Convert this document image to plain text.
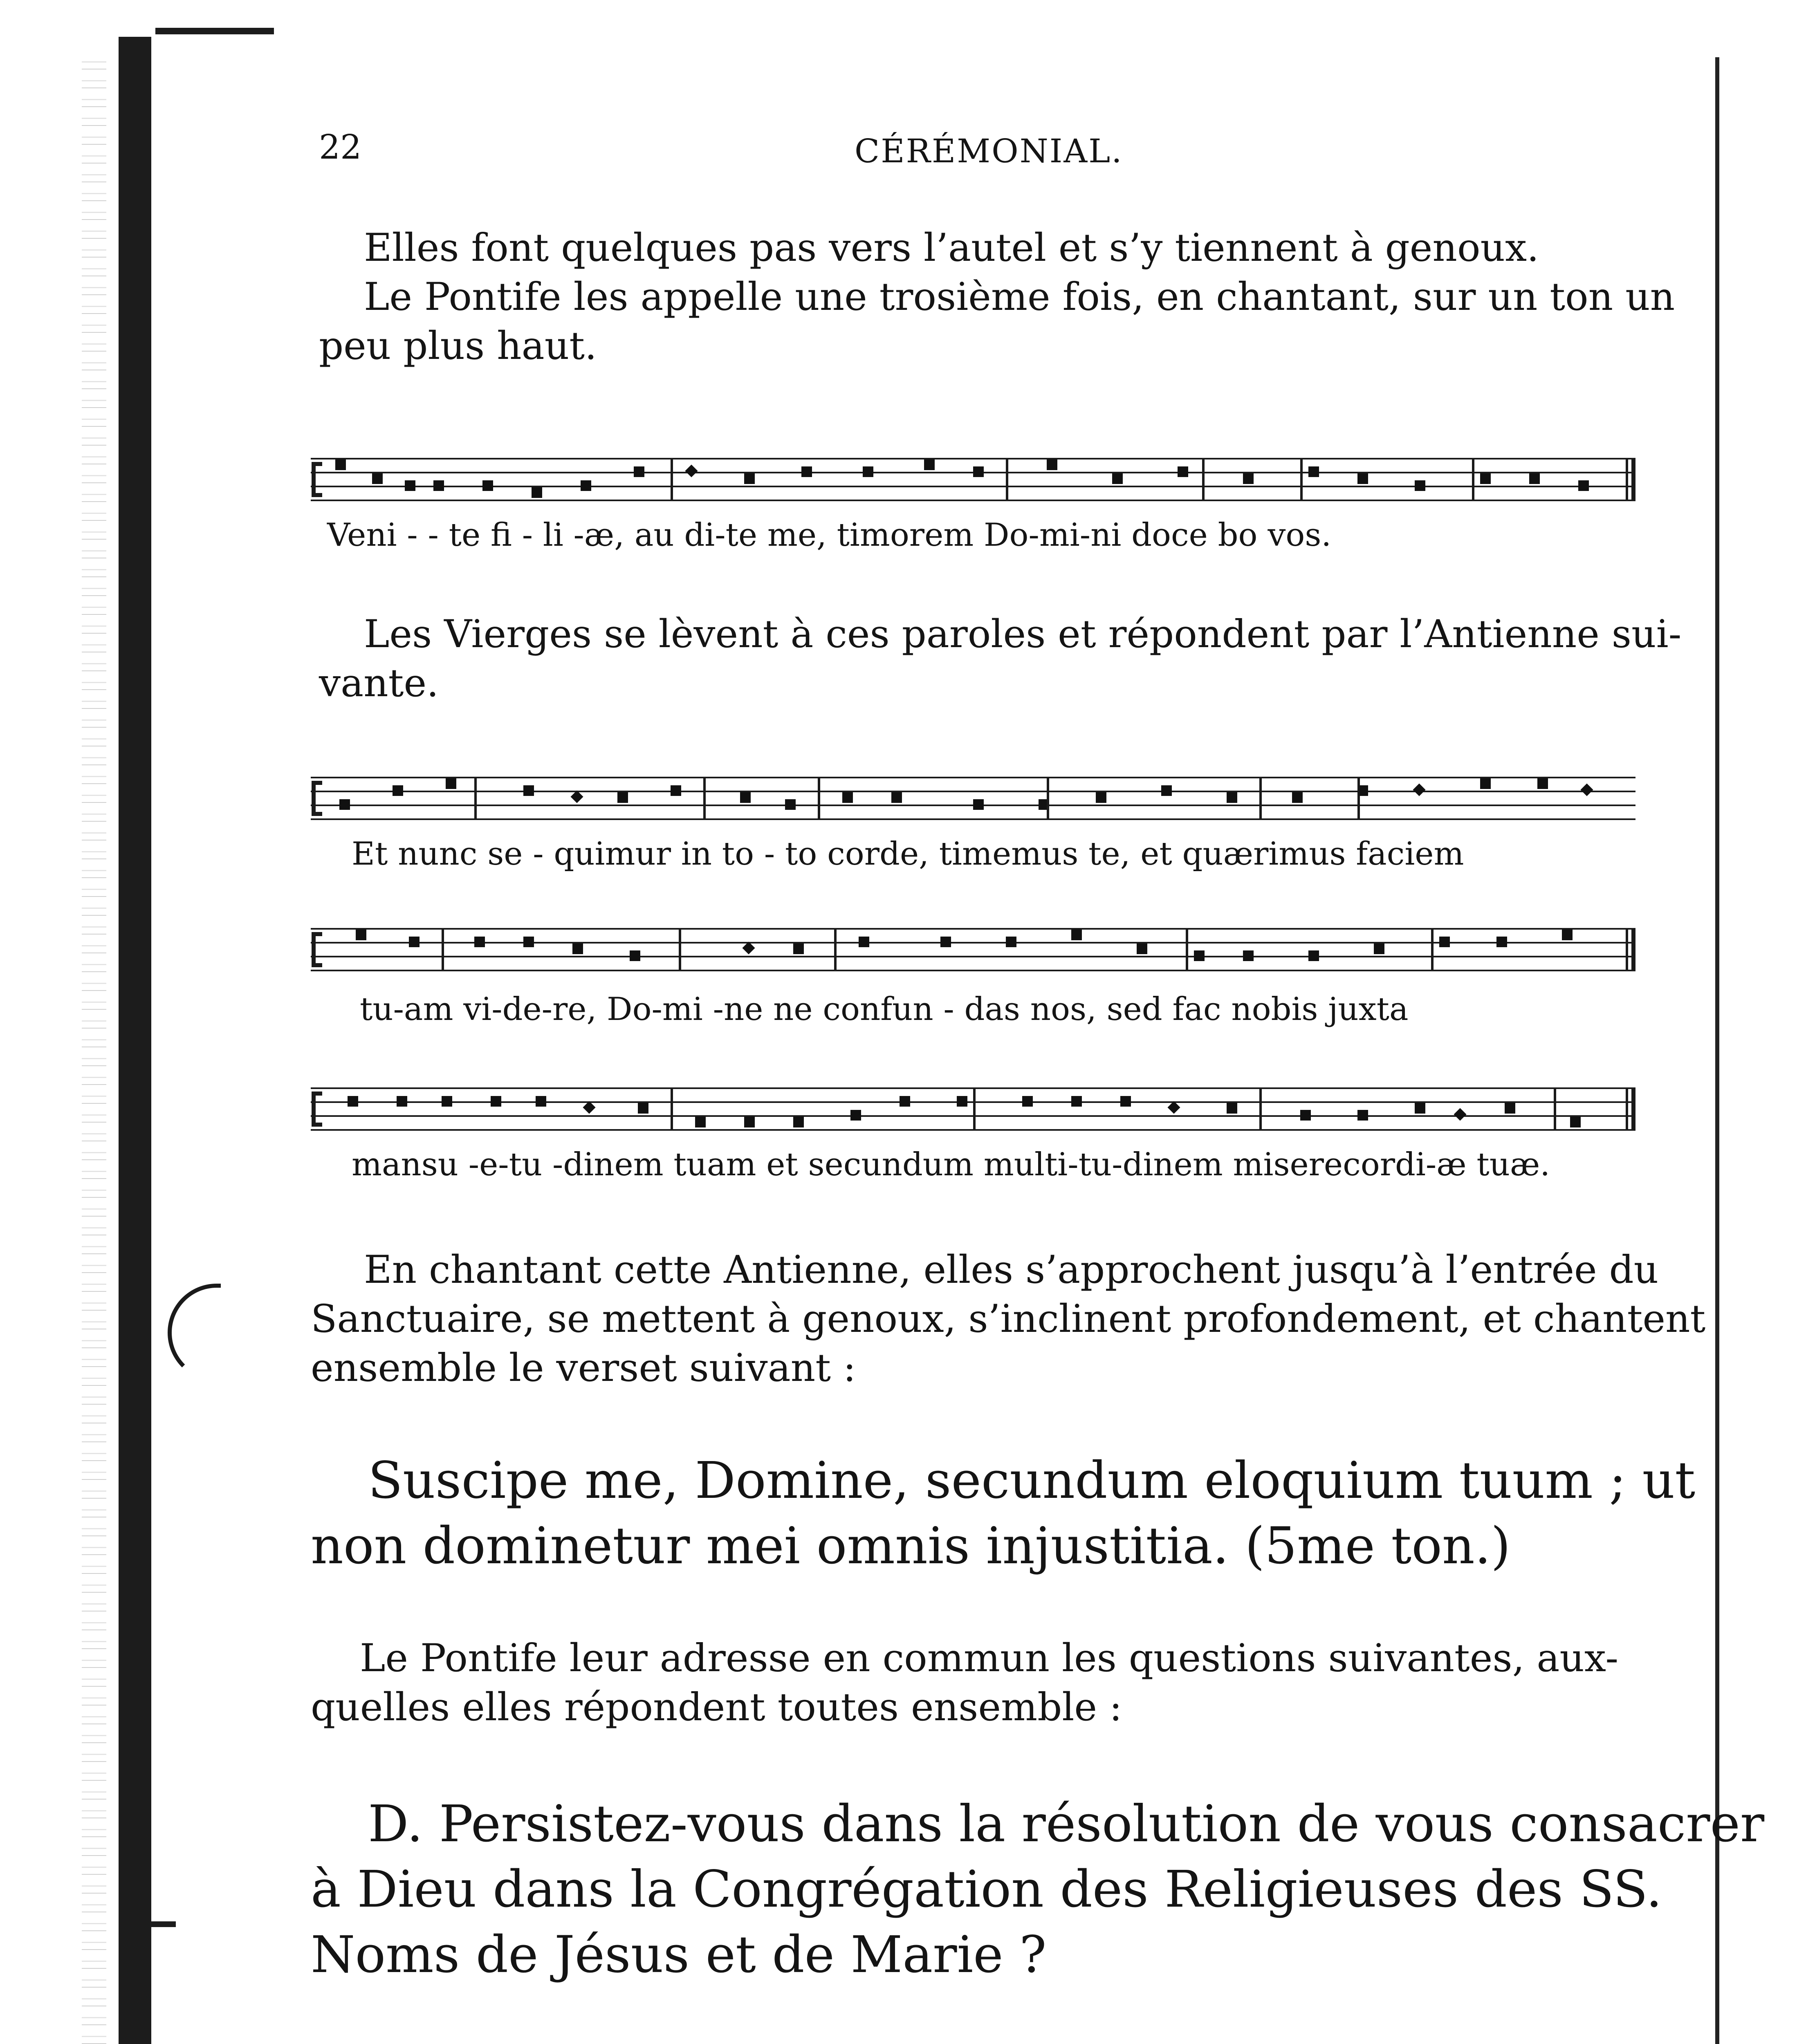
22	CÉRÉMONIAL.

Elles font quelques pas vers l’autel et s’y tiennent à genoux.

Le Pontife les appelle une trosième fois, en chantant, sur un ton un

peu plus haut.

Veni - - te fi - li -æ, au di-te me, timorem Do-mi-ni doce bo vos.

Les Vierges se lèvent à ces paroles et répondent par l’Antienne sui-

vante.

Et nunc se - quimur in to - to corde, timemus te, et quærimus faciem

tu-am vi-de-re, Do-mi -ne ne confun - das nos, sed fac nobis juxta

mansu -e-tu -dinem tuam et secundum multi-tu-dinem miserecordi-æ tuæ.

En chantant cette Antienne, elles s’approchent jusqu’à l’entrée du

Sanctuaire, se mettent à genoux, s’inclinent profondement, et chantent

ensemble le verset suivant :

Suscipe me, Domine, secundum eloquium tuum ; ut

non dominetur mei omnis injustitia. (5me ton.)

Le Pontife leur adresse en commun les questions suivantes, aux-

quelles elles répondent toutes ensemble :

D. Persistez-vous dans la résolution de vous consacrer

à Dieu dans la Congrégation des Religieuses des SS.

Noms de Jésus et de Marie ?
